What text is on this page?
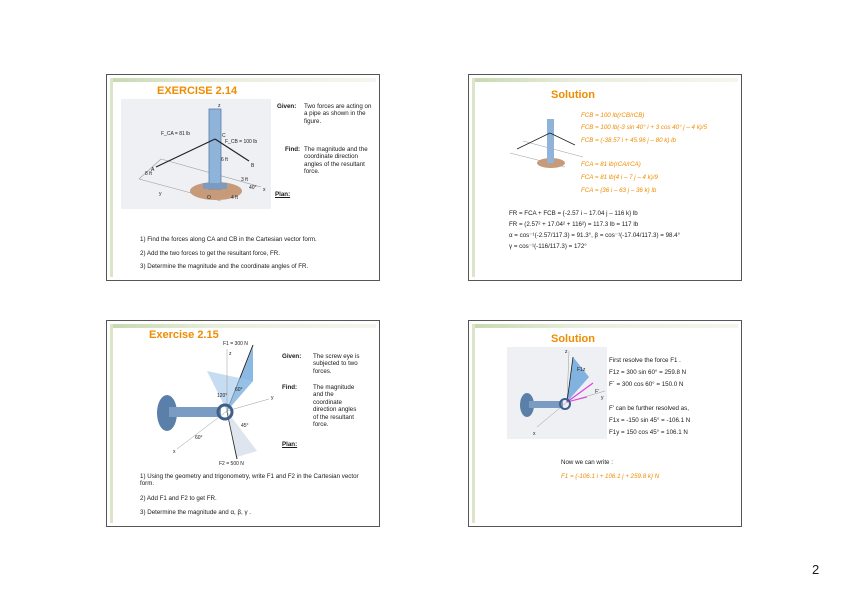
EXERCISE 2.14
F_CA = 81 lb
F_CB = 100 lb
z
y
x
8 ft
4 ft
3 ft
6 ft
40°
A
B
C
O
Given: Two forces are acting on a pipe as shown in the figure.
Find: The magnitude and the coordinate direction angles of the resultant force.
Plan:
1) Find the forces along CA and CB in the Cartesian vector form.
2) Add the two forces to get the resultant force, FR.
3) Determine the magnitude and the coordinate angles of FR.
Solution
FCB = 100 lb(rCB/rCB)
FCB = 100 lb(-3 sin 40° i + 3 cos 40° j – 4 k)/5
FCB = (-38.57 i + 45.96 j – 80 k) lb
FCA = 81 lb(rCA/rCA)
FCA = 81 lb(4 i – 7 j – 4 k)/9
FCA = {36 i – 63 j – 36 k} lb
FR = FCA + FCB = {-2.57 i – 17.04 j – 116 k} lb
FR = (2.57² + 17.04² + 116²) = 117.3 lb = 117 lb
α = cos⁻¹(-2.57/117.3) = 91.3°, β = cos⁻¹(-17.04/117.3) = 98.4°
γ = cos⁻¹(-116/117.3) = 172°
Exercise 2.15
F1 = 300 N
F2 = 500 N
60°
45°
120°
60°
z
y
x
Given: The screw eye is subjected to two forces.
Find:	The magnitude and the coordinate direction angles of the resultant force.
Plan:
1) Using the geometry and trigonometry, write F1 and F2 in the Cartesian vector form.
2) Add F1 and F2 to get FR.
3) Determine the magnitude and α, β, γ .
Solution
F1z
F'
x
y
z
First resolve the force F1 .
F1z = 300 sin 60° = 259.8 N
F´ = 300 cos 60° = 150.0 N
F' can be further resolved as,
F1x = -150 sin 45° = -106.1 N
F1y = 150 cos 45° = 106.1 N
Now we can write :
F1 = {-106.1 i + 106.1 j + 259.8 k} N
2
